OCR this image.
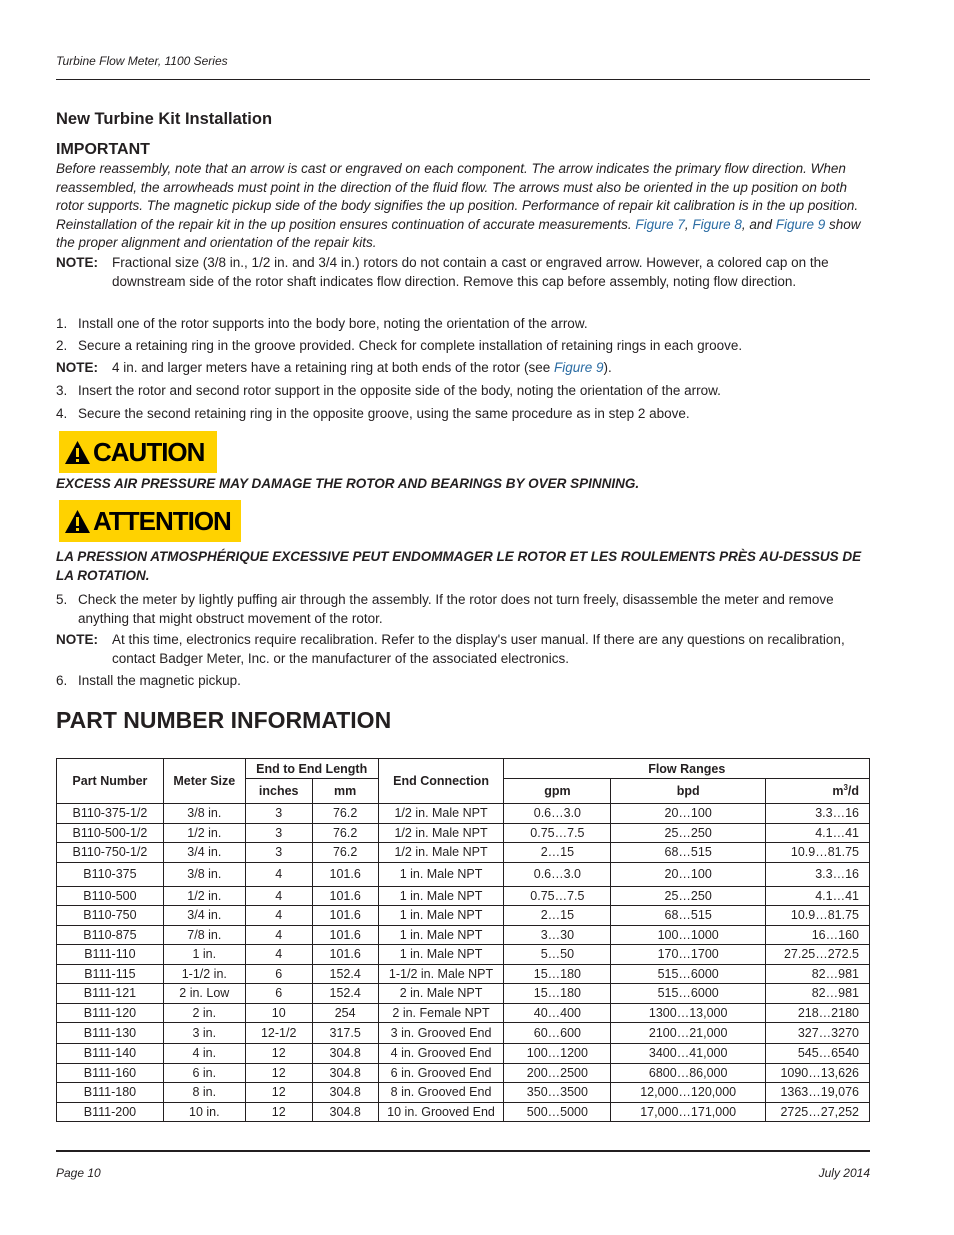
Turbine Flow Meter, 1100 Series
New Turbine Kit Installation
IMPORTANT
Before reassembly, note that an arrow is cast or engraved on each component. The arrow indicates the primary flow direction. When reassembled, the arrowheads must point in the direction of the fluid flow. The arrows must also be oriented in the up position on both rotor supports. The magnetic pickup side of the body signifies the up position. Performance of repair kit calibration is in the up position. Reinstallation of the repair kit in the up position ensures continuation of accurate measurements. Figure 7, Figure 8, and Figure 9 show the proper alignment and orientation of the repair kits.
NOTE: Fractional size (3/8 in., 1/2 in. and 3/4 in.) rotors do not contain a cast or engraved arrow. However, a colored cap on the downstream side of the rotor shaft indicates flow direction. Remove this cap before assembly, noting flow direction.
1. Install one of the rotor supports into the body bore, noting the orientation of the arrow.
2. Secure a retaining ring in the groove provided. Check for complete installation of retaining rings in each groove.
NOTE: 4 in. and larger meters have a retaining ring at both ends of the rotor (see Figure 9).
3. Insert the rotor and second rotor support in the opposite side of the body, noting the orientation of the arrow.
4. Secure the second retaining ring in the opposite groove, using the same procedure as in step 2 above.
CAUTION
EXCESS AIR PRESSURE MAY DAMAGE THE ROTOR AND BEARINGS BY OVER SPINNING.
ATTENTION
LA PRESSION ATMOSPHÉRIQUE EXCESSIVE PEUT ENDOMMAGER LE ROTOR ET LES ROULEMENTS PRÈS AU-DESSUS DE LA ROTATION.
5. Check the meter by lightly puffing air through the assembly. If the rotor does not turn freely, disassemble the meter and remove anything that might obstruct movement of the rotor.
NOTE: At this time, electronics require recalibration. Refer to the display's user manual. If there are any questions on recalibration, contact Badger Meter, Inc. or the manufacturer of the associated electronics.
6. Install the magnetic pickup.
PART NUMBER INFORMATION
Part Number	Meter Size	End to End Length		End Connection	Flow Ranges		
		inches	mm		gpm	bpd	$m^3/d$
B110-375-1/2	3/8 in.	3	76.2	1/2 in. Male NPT	0.6…3.0	20…100	3.3…16
B110-500-1/2	1/2 in.	3	76.2	1/2 in. Male NPT	0.75…7.5	25…250	4.1…41
B110-750-1/2	3/4 in.	3	76.2	1/2 in. Male NPT	2…15	68…515	10.9…81.75
B110-375	3/8 in.	4	101.6	1 in. Male NPT	0.6…3.0	20…100	3.3…16
B110-500	1/2 in.	4	101.6	1 in. Male NPT	0.75…7.5	25…250	4.1…41
B110-750	3/4 in.	4	101.6	1 in. Male NPT	2…15	68…515	10.9…81.75
B110-875	7/8 in.	4	101.6	1 in. Male NPT	3…30	100…1000	16…160
B111-110	1 in.	4	101.6	1 in. Male NPT	5…50	170…1700	27.25…272.5
B111-115	1-1/2 in.	6	152.4	1-1/2 in. Male NPT	15…180	515…6000	82…981
B111-121	2 in. Low	6	152.4	2 in. Male NPT	15…180	515…6000	82…981
B111-120	2 in.	10	254	2 in. Female NPT	40…400	1300…13,000	218…2180
B111-130	3 in.	12-1/2	317.5	3 in. Grooved End	60…600	2100…21,000	327…3270
B111-140	4 in.	12	304.8	4 in. Grooved End	100…1200	3400…41,000	545…6540
B111-160	6 in.	12	304.8	6 in. Grooved End	200…2500	6800…86,000	1090…13,626
B111-180	8 in.	12	304.8	8 in. Grooved End	350…3500	12,000…120,000	1363…19,076
B111-200	10 in.	12	304.8	10 in. Grooved End	500…5000	17,000…171,000	2725…27,252
Page 10	July 2014
